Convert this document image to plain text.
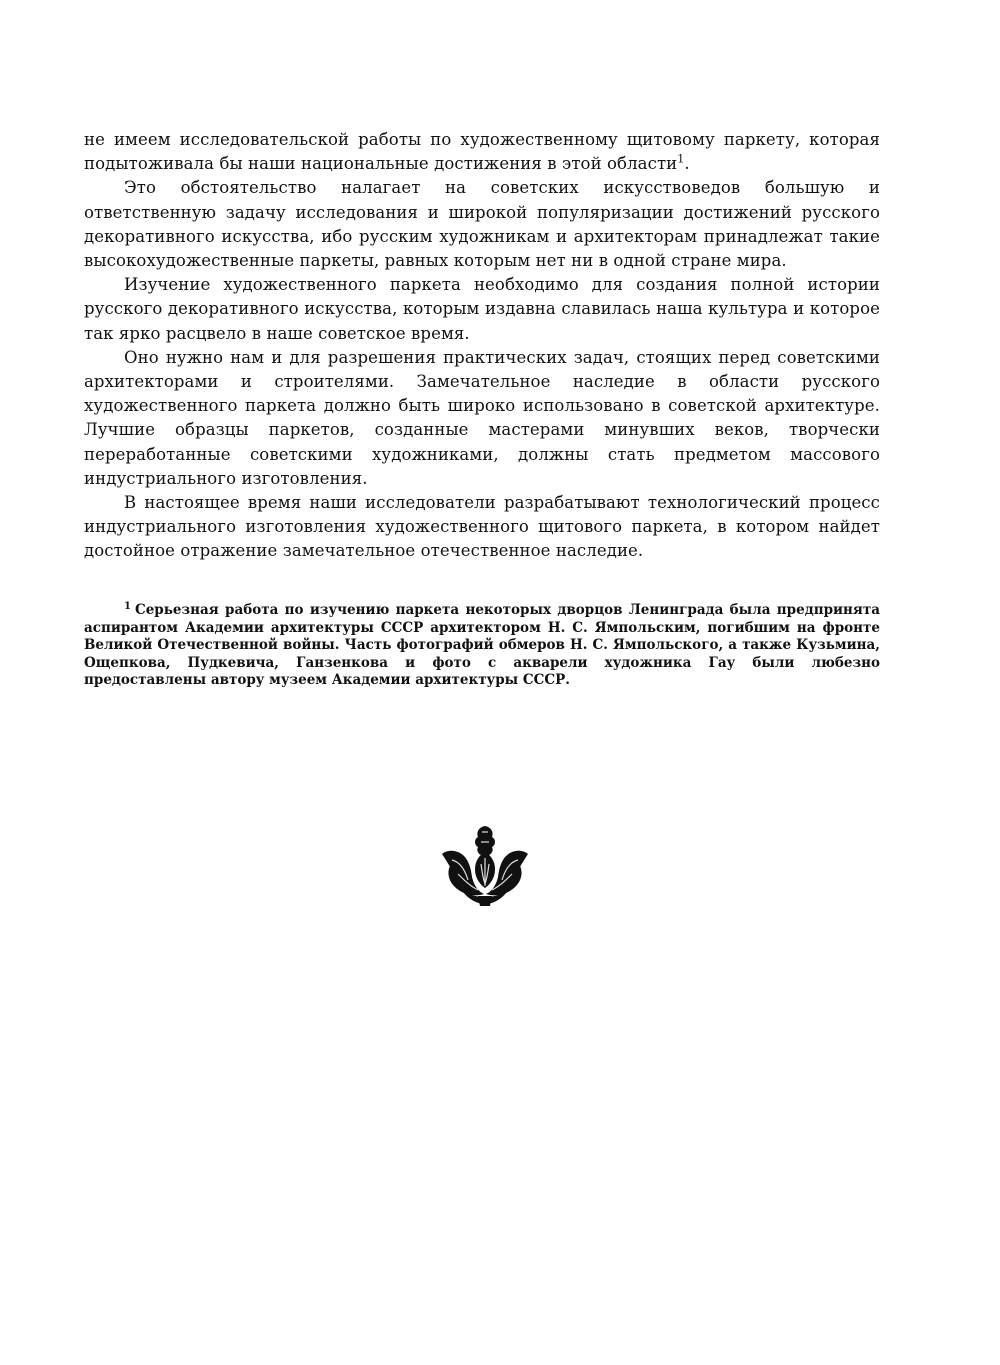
не имеем исследовательской работы по художественному щитовому паркету, которая подытоживала бы наши национальные достижения в этой области$^1$.

Это обстоятельство налагает на советских искусствоведов большую и ответственную задачу исследования и широкой популяризации достижений русского декоративного искусства, ибо русским художникам и архитекторам принадлежат такие высокохудожественные паркеты, равных которым нет ни в одной стране мира.

Изучение художественного паркета необходимо для создания полной истории русского декоративного искусства, которым издавна славилась наша культура и которое так ярко расцвело в наше советское время.

Оно нужно нам и для разрешения практических задач, стоящих перед советскими архитекторами и строителями. Замечательное наследие в области русского художественного паркета должно быть широко использовано в советской архитектуре. Лучшие образцы паркетов, созданные мастерами минувших веков, творчески переработанные советскими художниками, должны стать предметом массового индустриального изготовления.

В настоящее время наши исследователи разрабатывают технологический процесс индустриального изготовления художественного щитового паркета, в котором найдет достойное отражение замечательное отечественное наследие.

$^1$ Серьезная работа по изучению паркета некоторых дворцов Ленинграда была предпринята аспирантом Академии архитектуры СССР архитектором Н. С. Ямпольским, погибшим на фронте Великой Отечественной войны. Часть фотографий обмеров Н. С. Ямпольского, а также Кузьмина, Ощепкова, Пудкевича, Ганзенкова и фото с акварели художника Гау были любезно предоставлены автору музеем Академии архитектуры СССР.
